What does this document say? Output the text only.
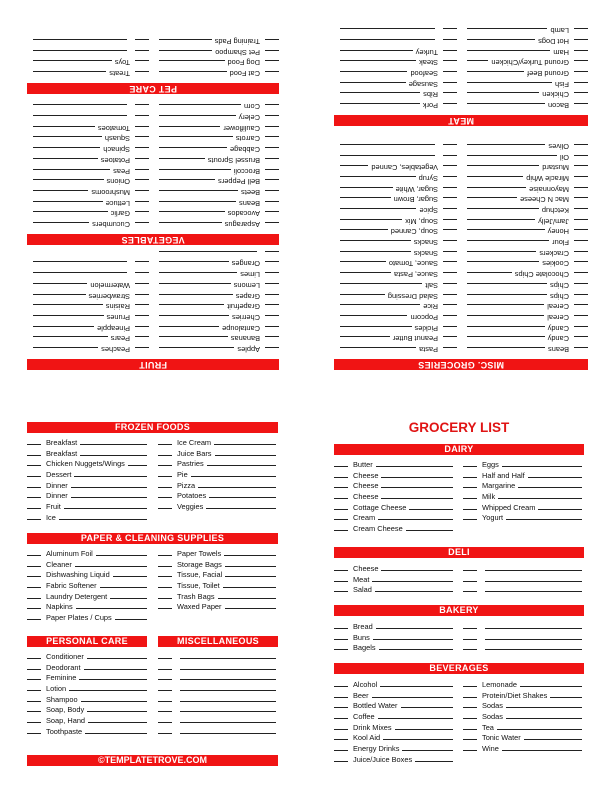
GROCERY LIST
DAIRY
Butter
Cheese
Cheese
Cheese
Cottage Cheese
Cream
Cream Cheese
Eggs
Half and Half
Margarine
Milk
Whipped Cream
Yogurt
DELI
Cheese
Meat
Salad
BAKERY
Bread
Buns
Bagels
BEVERAGES
Alcohol
Beer
Bottled Water
Coffee
Drink Mixes
Kool Aid
Energy Drinks
Juice/Juice Boxes
Lemonade
Protein/Diet Shakes
Sodas
Sodas
Tea
Tonic Water
Wine
FROZEN FOODS
Breakfast
Breakfast
Chicken Nuggets/Wings
Dessert
Dinner
Dinner
Fruit
Ice
Ice Cream
Juice Bars
Pastries
Pie
Pizza
Potatoes
Veggies
PAPER & CLEANING SUPPLIES
Aluminum Foil
Cleaner
Dishwashing Liquid
Fabric Softener
Laundry Detergent
Napkins
Paper Plates / Cups
Paper Towels
Storage Bags
Tissue, Facial
Tissue, Toilet
Trash Bags
Waxed Paper
PERSONAL CARE	MISCELLANEOUS
Conditioner
Deodorant
Feminine
Lotion
Shampoo
Soap, Body
Soap, Hand
Toothpaste
©TEMPLATETROVE.COM
MISC. GROCERIES
Beans
Candy
Candy
Cereal
Cereal
Chips
Chips
Chocolate Chips
Cookies
Crackers
Flour
Honey
Jam/Jelly
Ketchup
Mac N Cheese
Mayonnaise
Miracle Whip
Mustard
Oil
Olives
Pasta
Peanut Butter
Pickles
Popcorn
Rice
Salad Dressing
Salt
Sauce, Pasta
Sauce, Tomato
Snacks
Snacks
Soup, Canned
Soup, Mix
Spice
Sugar, Brown
Sugar, White
Syrup
Vegetables, Canned
MEAT
Bacon
Chicken
Fish
Ground Beef
Ground Turkey/Chicken
Ham
Hot Dogs
Lamb
Pork
Ribs
Sausage
Seafood
Steak
Turkey
FRUIT
Apples
Bananas
Cantaloupe
Cherries
Grapefruit
Grapes
Lemons
Limes
Oranges
Peaches
Pears
Pineapple
Prunes
Raisins
Strawberries
Watermelon
VEGETABLES
Asparagus
Avocados
Beans
Beets
Bell Peppers
Broccoli
Brussel Sprouts
Cabbage
Carrots
Cauliflower
Celery
Corn
Cucumbers
Garlic
Lettuce
Mushrooms
Onions
Peas
Potatoes
Spinach
Squash
Tomatoes
PET CARE
Cat Food
Dog Food
Pet Shampoo
Training Pads
Treats
Toys
